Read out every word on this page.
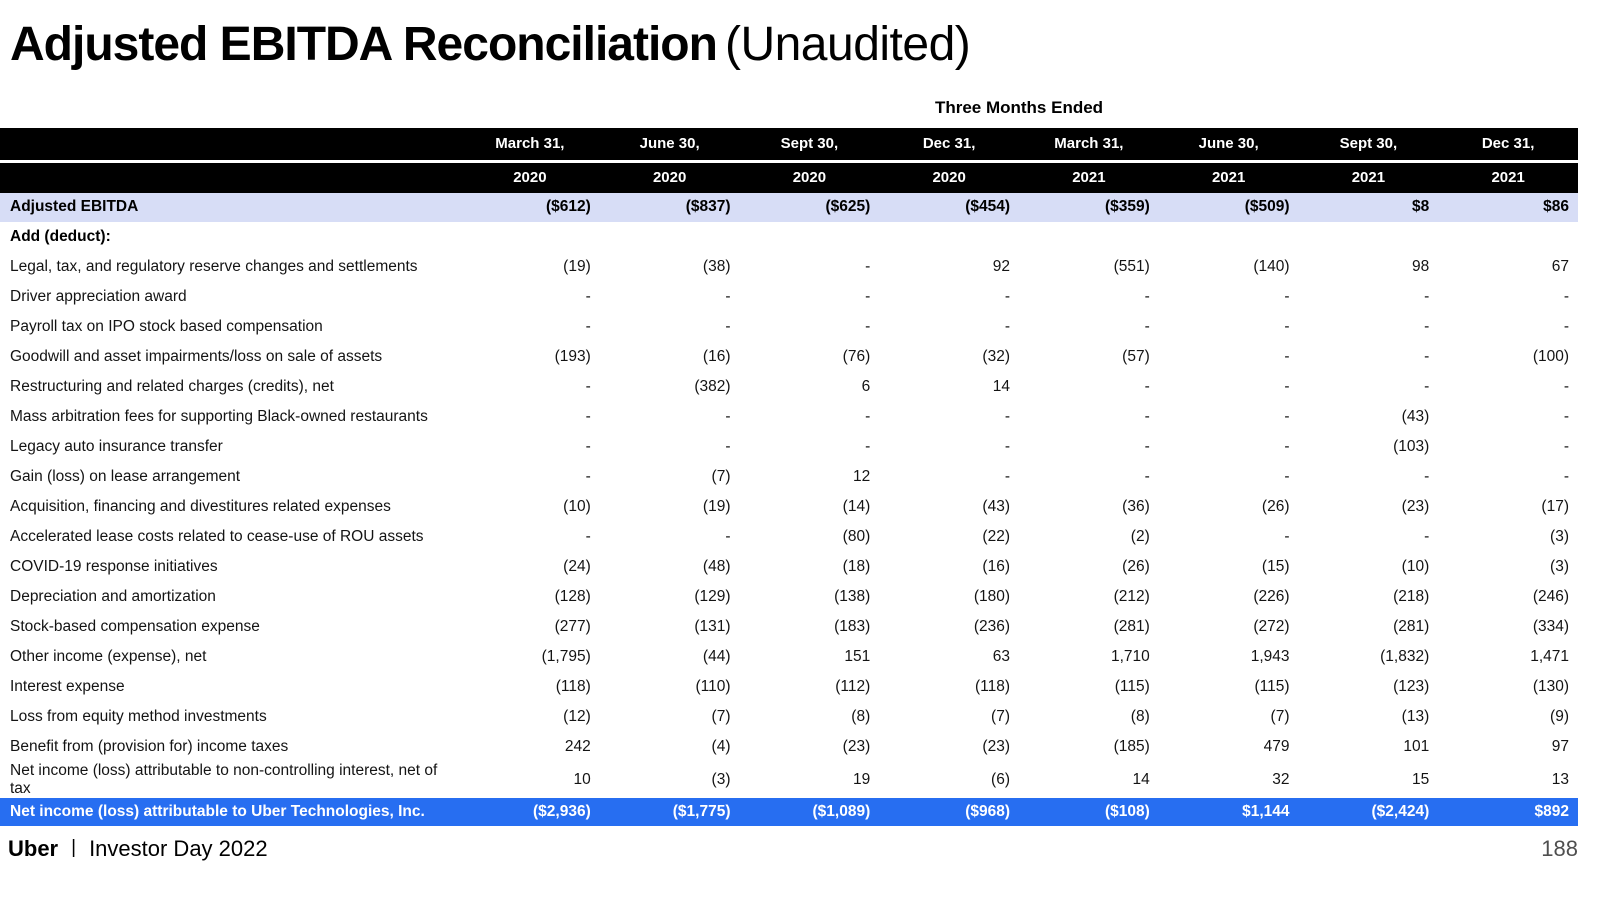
Adjusted EBITDA Reconciliation (Unaudited)
Three Months Ended
	March 31,	June 30,	Sept 30,	Dec 31,	March 31,	June 30,	Sept 30,	Dec 31,
	2020	2020	2020	2020	2021	2021	2021	2021
Adjusted EBITDA	($612)	($837)	($625)	($454)	($359)	($509)	$8	$86
Add (deduct):								
Legal, tax, and regulatory reserve changes and settlements	(19)	(38)	-	92	(551)	(140)	98	67
Driver appreciation award	-	-	-	-	-	-	-	-
Payroll tax on IPO stock based compensation	-	-	-	-	-	-	-	-
Goodwill and asset impairments/loss on sale of assets	(193)	(16)	(76)	(32)	(57)	-	-	(100)
Restructuring and related charges (credits), net	-	(382)	6	14	-	-	-	-
Mass arbitration fees for supporting Black-owned restaurants	-	-	-	-	-	-	(43)	-
Legacy auto insurance transfer	-	-	-	-	-	-	(103)	-
Gain (loss) on lease arrangement	-	(7)	12	-	-	-	-	-
Acquisition, financing and divestitures related expenses	(10)	(19)	(14)	(43)	(36)	(26)	(23)	(17)
Accelerated lease costs related to cease-use of ROU assets	-	-	(80)	(22)	(2)	-	-	(3)
COVID-19 response initiatives	(24)	(48)	(18)	(16)	(26)	(15)	(10)	(3)
Depreciation and amortization	(128)	(129)	(138)	(180)	(212)	(226)	(218)	(246)
Stock-based compensation expense	(277)	(131)	(183)	(236)	(281)	(272)	(281)	(334)
Other income (expense), net	(1,795)	(44)	151	63	1,710	1,943	(1,832)	1,471
Interest expense	(118)	(110)	(112)	(118)	(115)	(115)	(123)	(130)
Loss from equity method investments	(12)	(7)	(8)	(7)	(8)	(7)	(13)	(9)
Benefit from (provision for) income taxes	242	(4)	(23)	(23)	(185)	479	101	97
Net income (loss) attributable to non-controlling interest, net of tax	10	(3)	19	(6)	14	32	15	13
Net income (loss) attributable to Uber Technologies, Inc.	($2,936)	($1,775)	($1,089)	($968)	($108)	$1,144	($2,424)	$892
Uber | Investor Day 2022	188
